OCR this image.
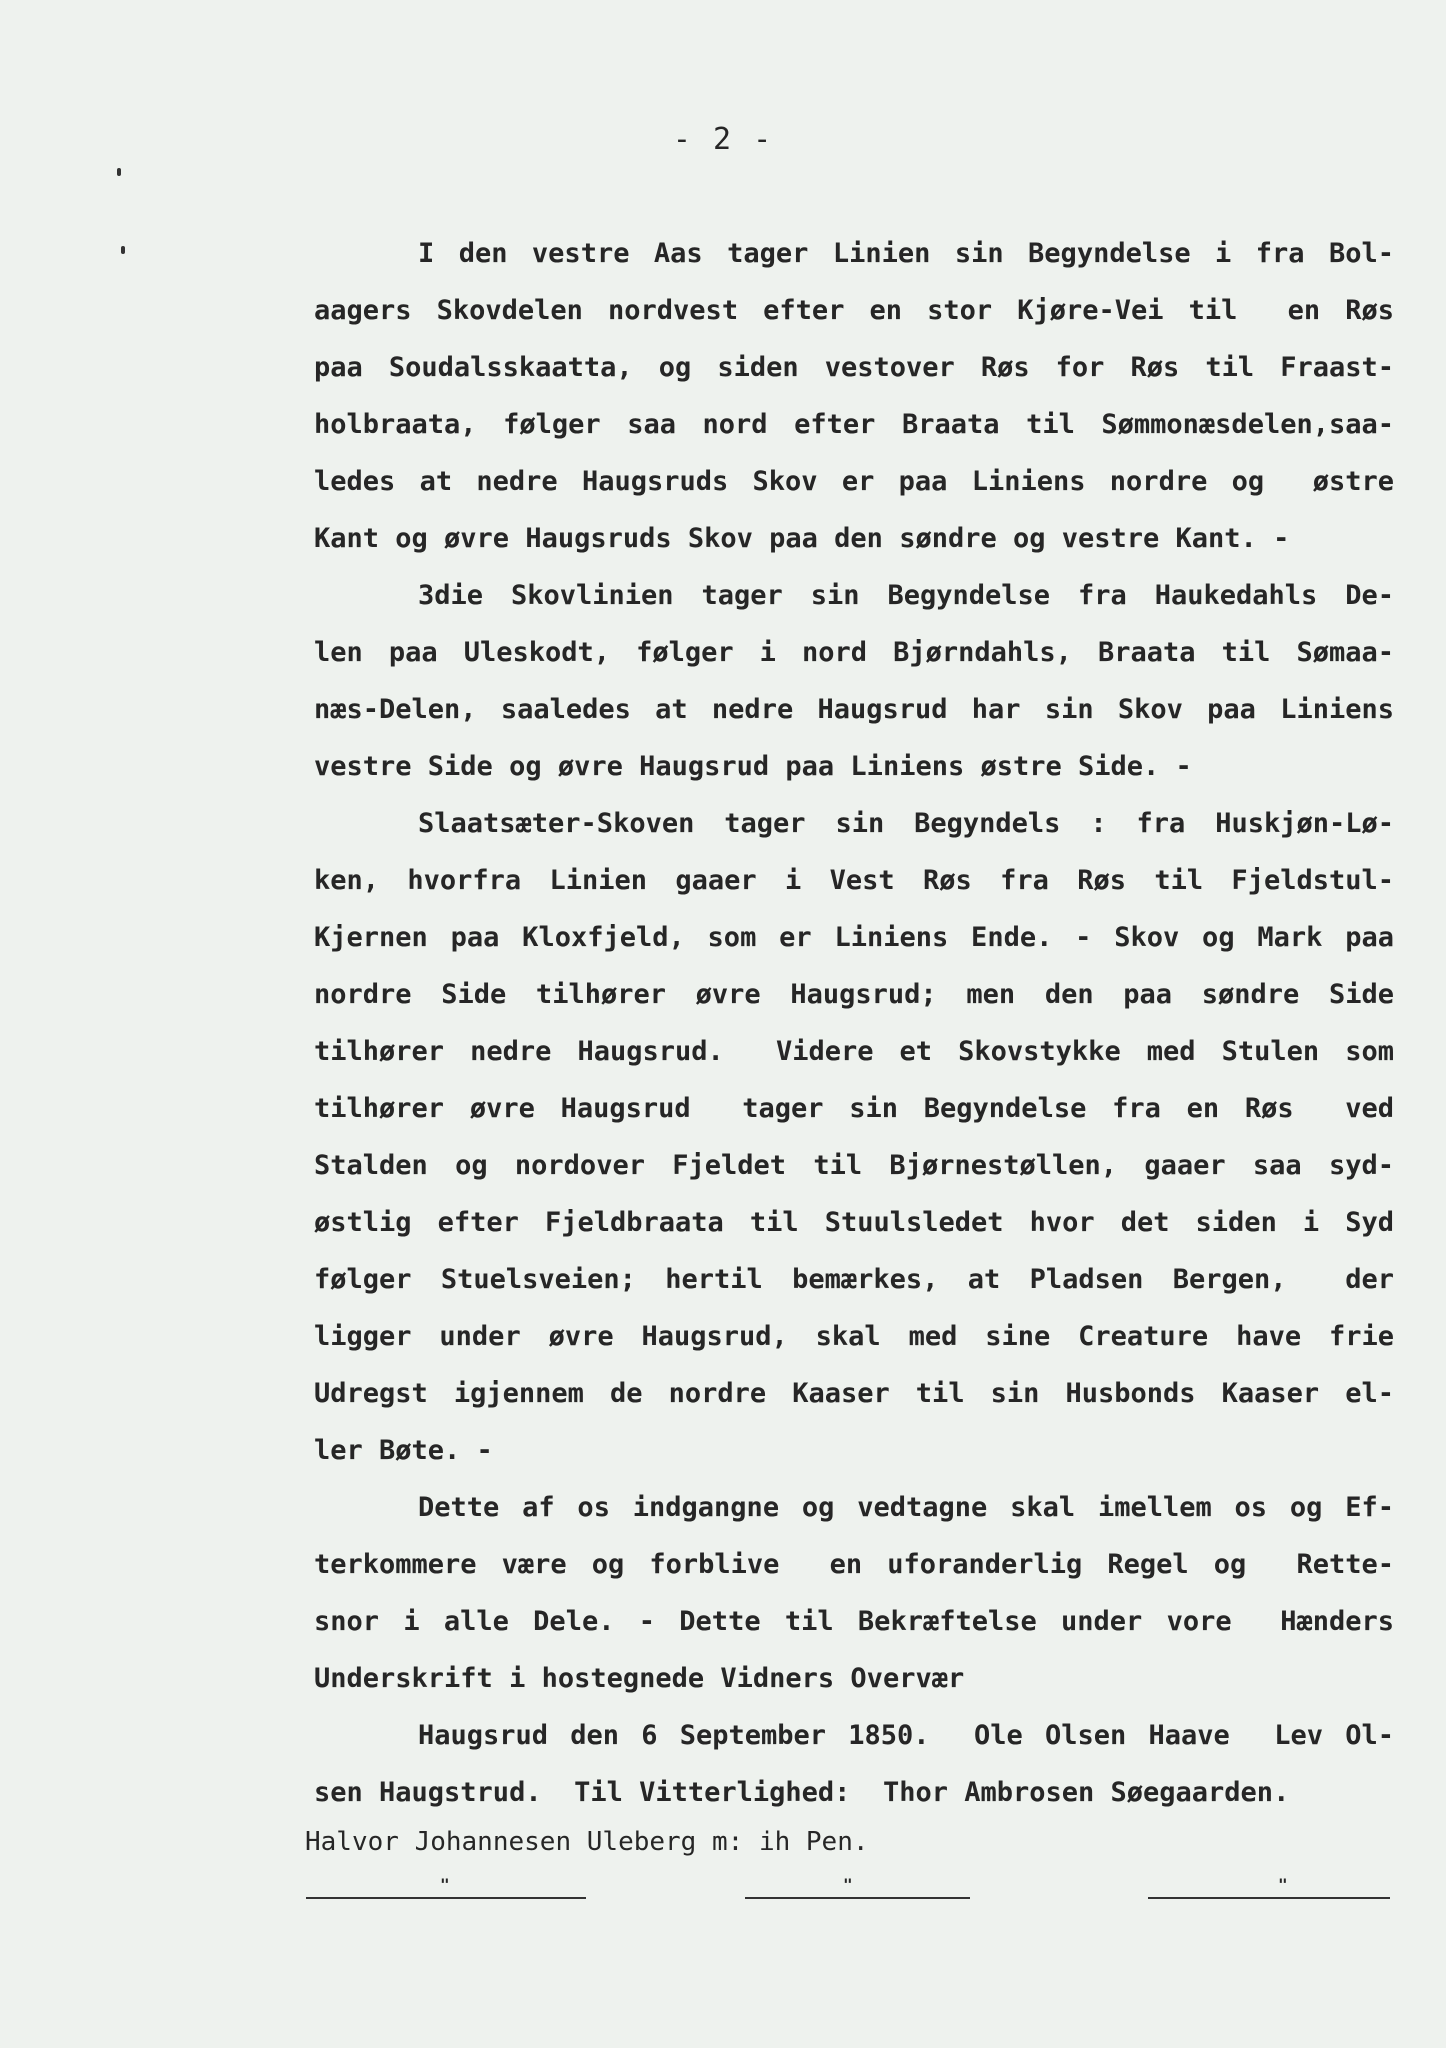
- 2 -
I den vestre Aas tager Linien sin Begyndelse i fra Bol-
aagers Skovdelen nordvest efter en stor Kjøre-Vei til  en Røs
paa Soudalsskaatta, og siden vestover Røs for Røs til Fraast-
holbraata, følger saa nord efter Braata til Sømmonæsdelen,saa-
ledes at nedre Haugsruds Skov er paa Liniens nordre og  østre
Kant og øvre Haugsruds Skov paa den søndre og vestre Kant. -
3die Skovlinien tager sin Begyndelse fra Haukedahls De-
len paa Uleskodt, følger i nord Bjørndahls, Braata til Sømaa-
næs-Delen, saaledes at nedre Haugsrud har sin Skov paa Liniens
vestre Side og øvre Haugsrud paa Liniens østre Side. -
Slaatsæter-Skoven tager sin Begyndels : fra Huskjøn-Lø-
ken, hvorfra Linien gaaer i Vest Røs fra Røs til Fjeldstul-
Kjernen paa Kloxfjeld, som er Liniens Ende. - Skov og Mark paa
nordre Side tilhører øvre Haugsrud; men den paa søndre Side
tilhører nedre Haugsrud.  Videre et Skovstykke med Stulen som
tilhører øvre Haugsrud  tager sin Begyndelse fra en Røs  ved
Stalden og nordover Fjeldet til Bjørnestøllen, gaaer saa syd-
østlig efter Fjeldbraata til Stuulsledet hvor det siden i Syd
følger Stuelsveien; hertil bemærkes, at Pladsen Bergen,  der
ligger under øvre Haugsrud, skal med sine Creature have frie
Udregst igjennem de nordre Kaaser til sin Husbonds Kaaser el-
ler Bøte. -
Dette af os indgangne og vedtagne skal imellem os og Ef-
terkommere være og forblive  en uforanderlig Regel og  Rette-
snor i alle Dele. - Dette til Bekræftelse under vore  Hænders
Underskrift i hostegnede Vidners Overvær
Haugsrud den 6 September 1850.  Ole Olsen Haave  Lev Ol-
sen Haugstrud.  Til Vitterlighed:  Thor Ambrosen Søegaarden.
Halvor Johannesen Uleberg m: ih Pen.
"	"	"
